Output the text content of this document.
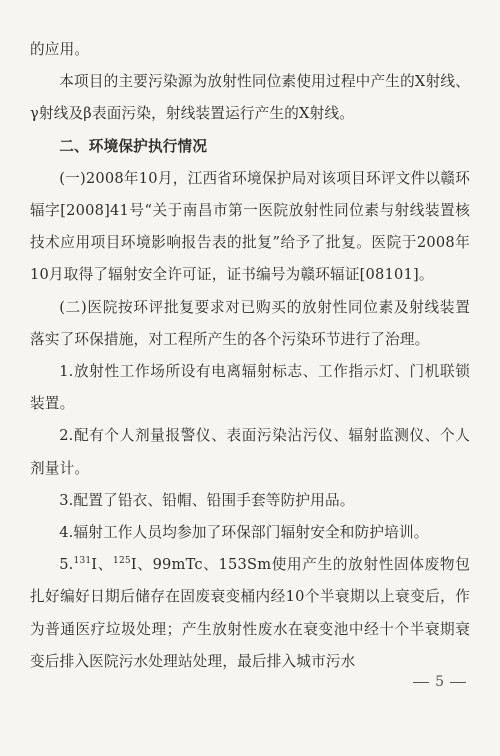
的应用。

本项目的主要污染源为放射性同位素使用过程中产生的X射线、γ射线及β表面污染，射线装置运行产生的X射线。

二、环境保护执行情况

(一)2008年10月，江西省环境保护局对该项目环评文件以赣环辐字[2008]41号“关于南昌市第一医院放射性同位素与射线装置核技术应用项目环境影响报告表的批复”给予了批复。医院于2008年10月取得了辐射安全许可证，证书编号为赣环辐证[08101]。

(二)医院按环评批复要求对已购买的放射性同位素及射线装置落实了环保措施，对工程所产生的各个污染环节进行了治理。

1.放射性工作场所设有电离辐射标志、工作指示灯、门机联锁装置。

2.配有个人剂量报警仪、表面污染沾污仪、辐射监测仪、个人剂量计。

3.配置了铅衣、铅帽、铅围手套等防护用品。

4.辐射工作人员均参加了环保部门辐射安全和防护培训。

5.$^{131}$I、$^{125}$I、99mTc、153Sm使用产生的放射性固体废物包扎好编好日期后储存在固废衰变桶内经10个半衰期以上衰变后，作为普通医疗垃圾处理；产生放射性废水在衰变池中经十个半衰期衰变后排入医院污水处理站处理，最后排入城市污水

5
